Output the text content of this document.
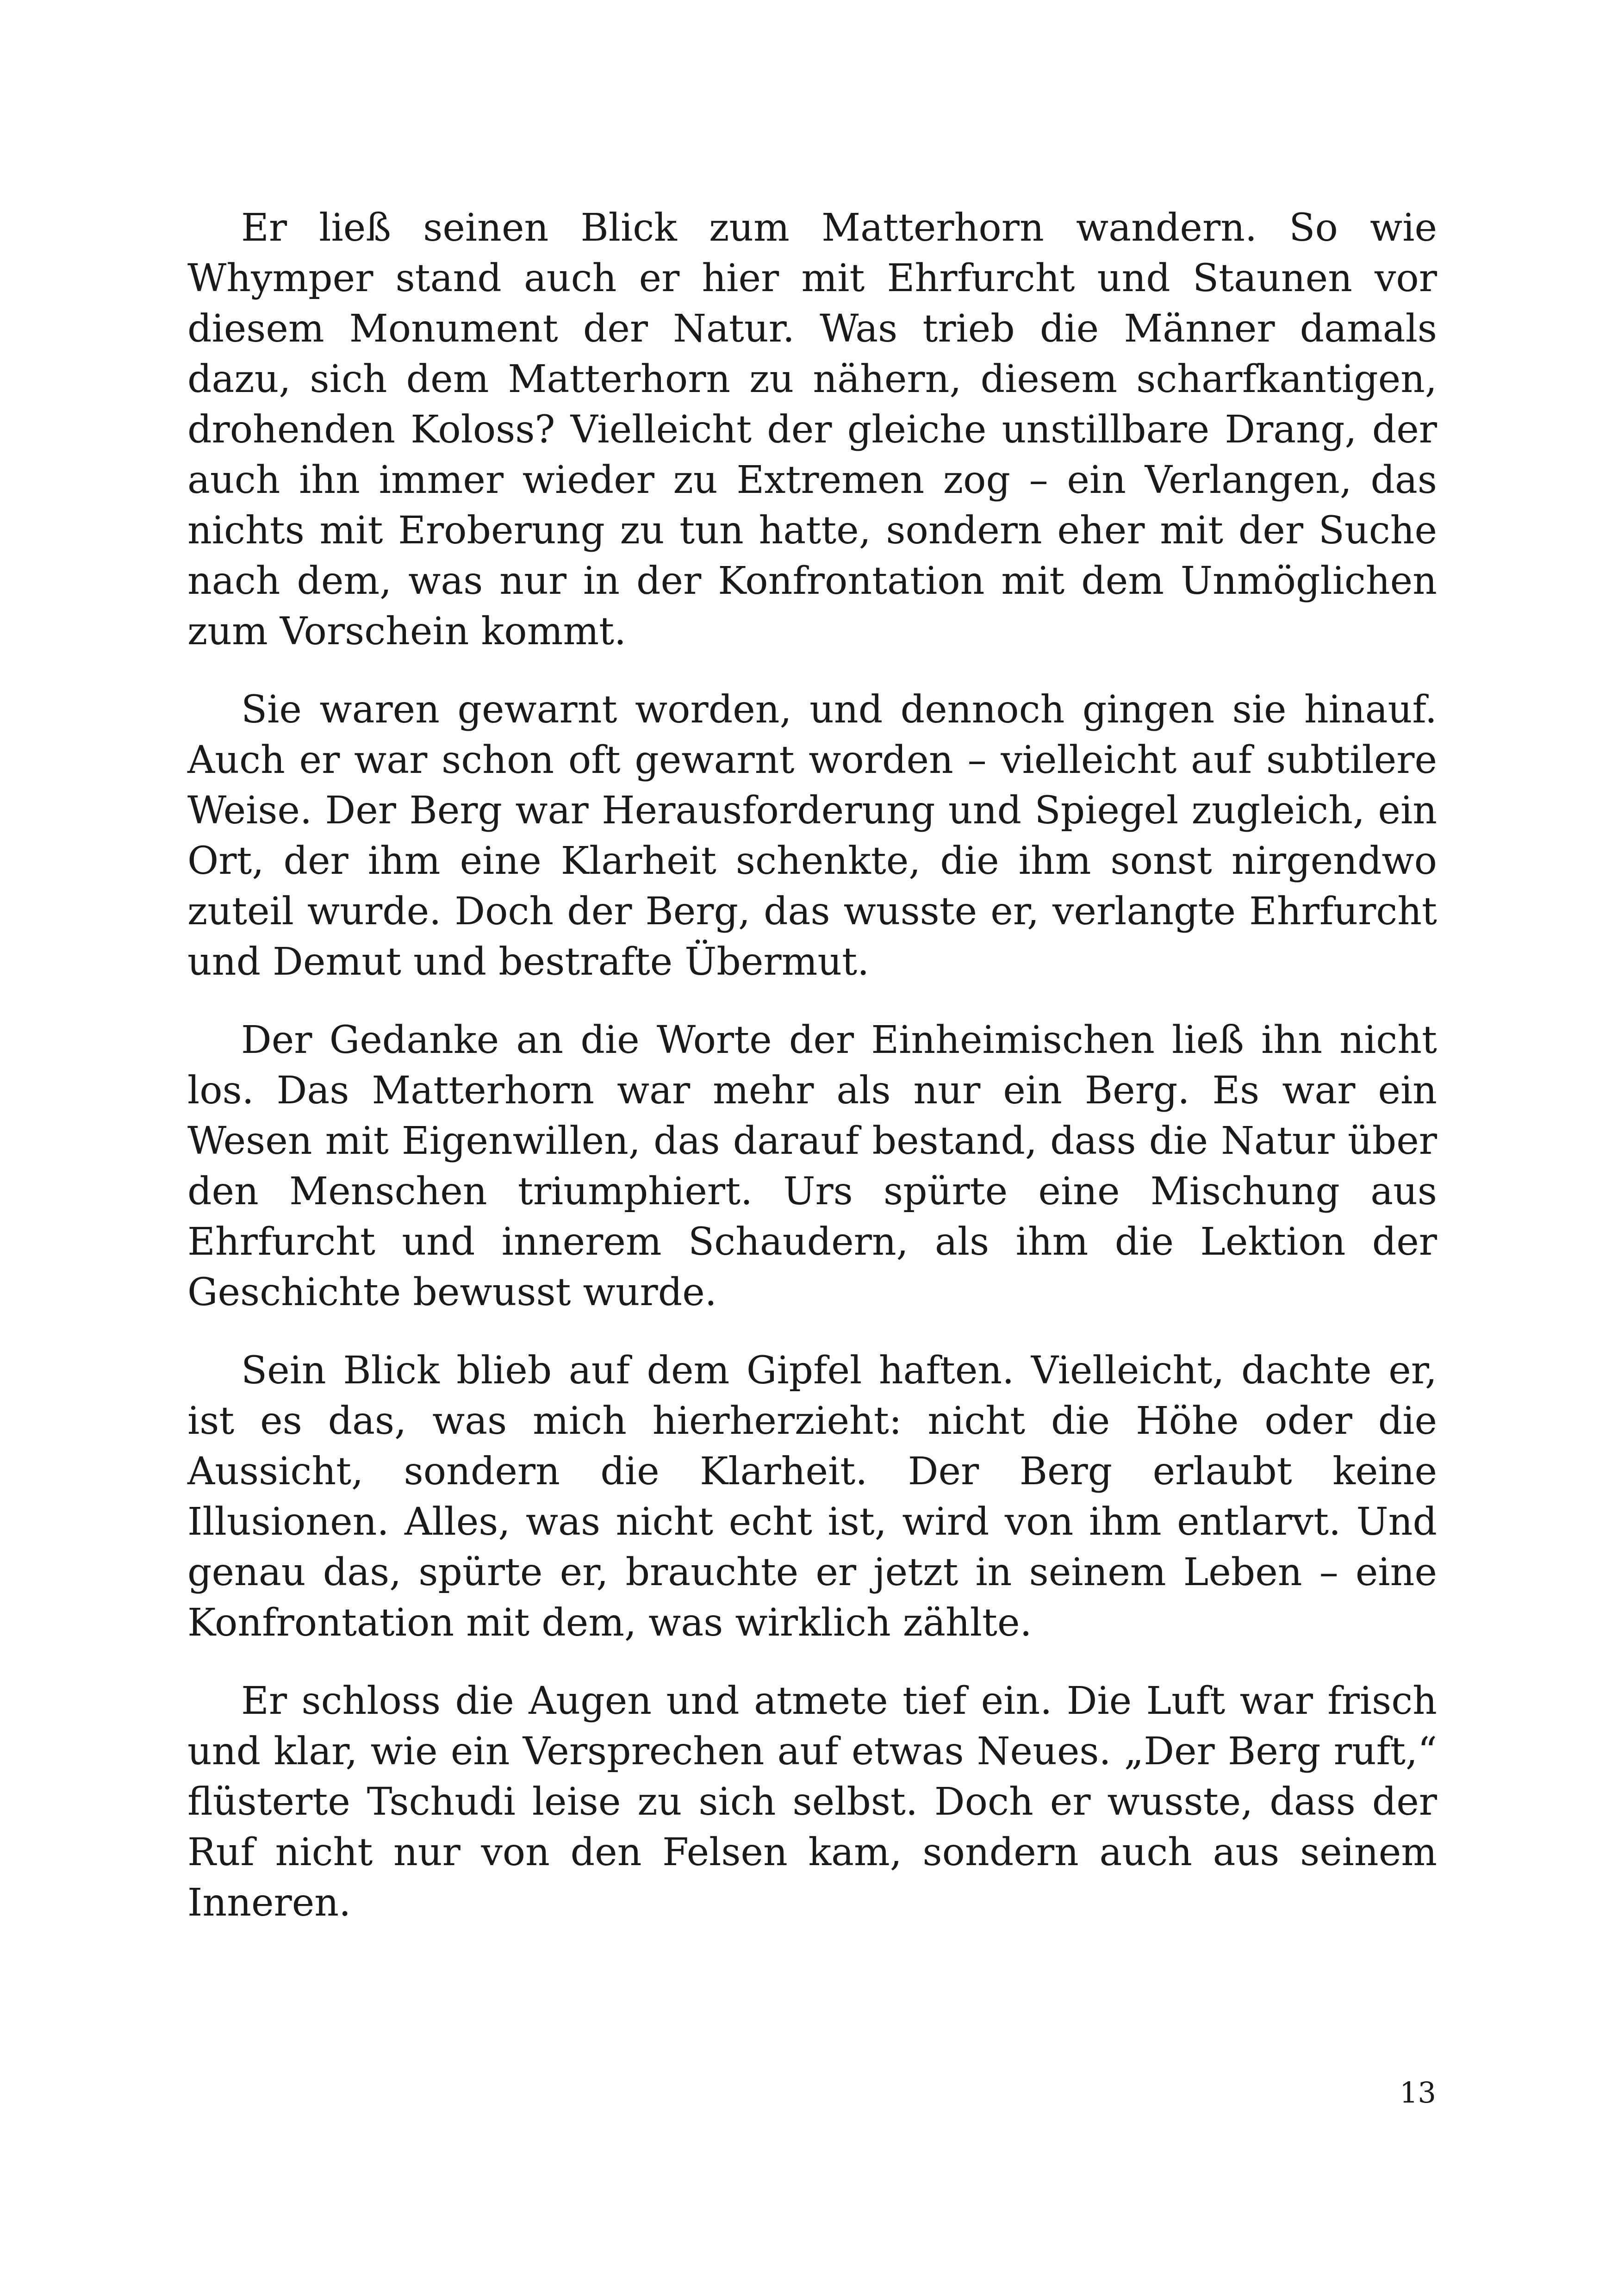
Er ließ seinen Blick zum Matterhorn wandern. So wie Whymper stand auch er hier mit Ehrfurcht und Staunen vor diesem Monument der Natur. Was trieb die Männer damals dazu, sich dem Matterhorn zu nähern, diesem scharfkantigen, drohenden Koloss? Vielleicht der gleiche unstillbare Drang, der auch ihn immer wieder zu Extremen zog – ein Verlangen, das nichts mit Eroberung zu tun hatte, sondern eher mit der Suche nach dem, was nur in der Konfrontation mit dem Unmöglichen zum Vorschein kommt.

Sie waren gewarnt worden, und dennoch gingen sie hinauf. Auch er war schon oft gewarnt worden – vielleicht auf subtilere Weise. Der Berg war Herausforderung und Spiegel zugleich, ein Ort, der ihm eine Klarheit schenkte, die ihm sonst nirgendwo zuteil wurde. Doch der Berg, das wusste er, verlangte Ehrfurcht und Demut und bestrafte Übermut.

Der Gedanke an die Worte der Einheimischen ließ ihn nicht los. Das Matterhorn war mehr als nur ein Berg. Es war ein Wesen mit Eigenwillen, das darauf bestand, dass die Natur über den Menschen triumphiert. Urs spürte eine Mischung aus Ehrfurcht und innerem Schaudern, als ihm die Lektion der Geschichte bewusst wurde.

Sein Blick blieb auf dem Gipfel haften. Vielleicht, dachte er, ist es das, was mich hierherzieht: nicht die Höhe oder die Aussicht, sondern die Klarheit. Der Berg erlaubt keine Illusionen. Alles, was nicht echt ist, wird von ihm entlarvt. Und genau das, spürte er, brauchte er jetzt in seinem Leben – eine Konfrontation mit dem, was wirklich zählte.

Er schloss die Augen und atmete tief ein. Die Luft war frisch und klar, wie ein Versprechen auf etwas Neues. „Der Berg ruft,“ flüsterte Tschudi leise zu sich selbst. Doch er wusste, dass der Ruf nicht nur von den Felsen kam, sondern auch aus seinem Inneren.

13
